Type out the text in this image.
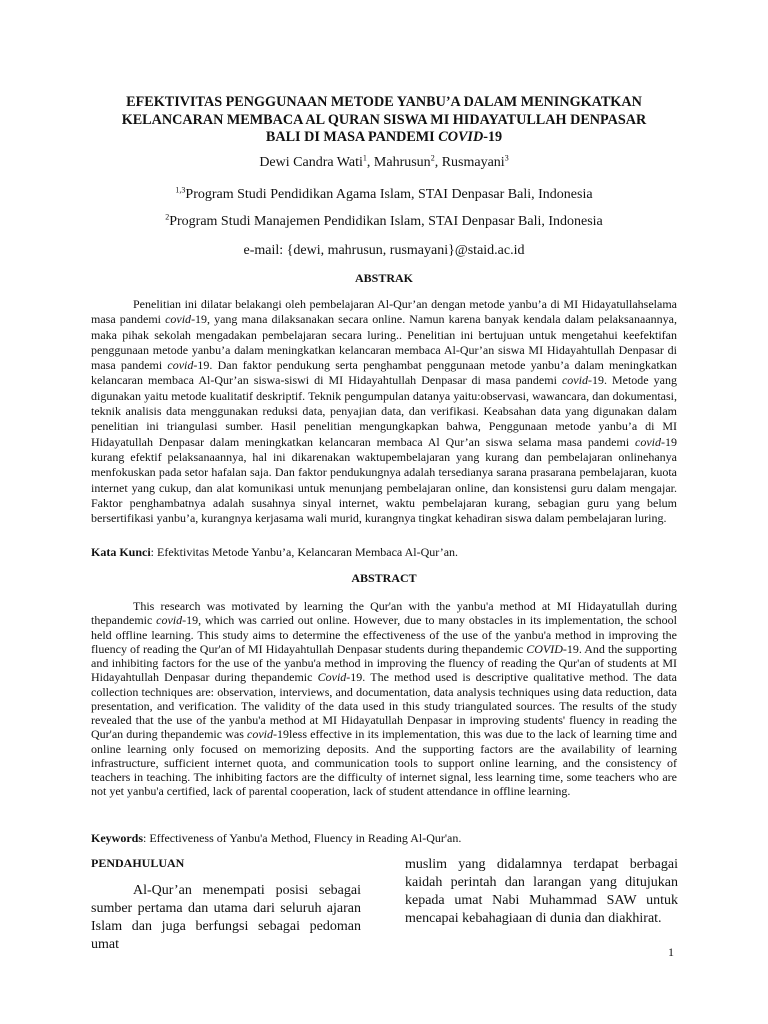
EFEKTIVITAS PENGGUNAAN METODE YANBU’A DALAM MENINGKATKAN
KELANCARAN MEMBACA AL QURAN SISWA MI HIDAYATULLAH DENPASAR
BALI DI MASA PANDEMI COVID-19
Dewi Candra Wati$^1$, Mahrusun$^2$, Rusmayani$^3$
$^{1,3}$Program Studi Pendidikan Agama Islam, STAI Denpasar Bali, Indonesia
$^2$Program Studi Manajemen Pendidikan Islam, STAI Denpasar Bali, Indonesia
e-mail: {dewi, mahrusun, rusmayani}@staid.ac.id
ABSTRAK

Penelitian ini dilatar belakangi oleh pembelajaran Al-Qur’an dengan metode yanbu’a di MI Hidayatullahselama masa pandemi covid-19, yang mana dilaksanakan secara online. Namun karena banyak kendala dalam pelaksanaannya, maka pihak sekolah mengadakan pembelajaran secara luring.. Penelitian ini bertujuan untuk mengetahui keefektifan penggunaan metode yanbu’a dalam meningkatkan kelancaran membaca Al-Qur’an siswa MI Hidayahtullah Denpasar di masa pandemi covid-19. Dan faktor pendukung serta penghambat penggunaan metode yanbu’a dalam meningkatkan kelancaran membaca Al-Qur’an siswa-siswi di MI Hidayahtullah Denpasar di masa pandemi covid-19. Metode yang digunakan yaitu metode kualitatif deskriptif. Teknik pengumpulan datanya yaitu:observasi, wawancara, dan dokumentasi, teknik analisis data menggunakan reduksi data, penyajian data, dan verifikasi. Keabsahan data yang digunakan dalam penelitian ini triangulasi sumber. Hasil penelitian mengungkapkan bahwa, Penggunaan metode yanbu’a di MI Hidayatullah Denpasar dalam meningkatkan kelancaran membaca Al Qur’an siswa selama masa pandemi covid-19 kurang efektif pelaksanaannya, hal ini dikarenakan waktupembelajaran yang kurang dan pembelajaran onlinehanya menfokuskan pada setor hafalan saja. Dan faktor pendukungnya adalah tersedianya sarana prasarana pembelajaran, kuota internet yang cukup, dan alat komunikasi untuk menunjang pembelajaran online, dan konsistensi guru dalam mengajar. Faktor penghambatnya adalah susahnya sinyal internet, waktu pembelajaran kurang, sebagian guru yang belum bersertifikasi yanbu’a, kurangnya kerjasama wali murid, kurangnya tingkat kehadiran siswa dalam pembelajaran luring.

Kata Kunci: Efektivitas Metode Yanbu’a, Kelancaran Membaca Al-Qur’an.
ABSTRACT

This research was motivated by learning the Qur'an with the yanbu'a method at MI Hidayatullah during thepandemic covid-19, which was carried out online. However, due to many obstacles in its implementation, the school held offline learning. This study aims to determine the effectiveness of the use of the yanbu'a method in improving the fluency of reading the Qur'an of MI Hidayahtullah Denpasar students during thepandemic COVID-19. And the supporting and inhibiting factors for the use of the yanbu'a method in improving the fluency of reading the Qur'an of students at MI Hidayahtullah Denpasar during thepandemic Covid-19. The method used is descriptive qualitative method. The data collection techniques are: observation, interviews, and documentation, data analysis techniques using data reduction, data presentation, and verification. The validity of the data used in this study triangulated sources. The results of the study revealed that the use of the yanbu'a method at MI Hidayatullah Denpasar in improving students' fluency in reading the Qur'an during thepandemic was covid-19less effective in its implementation, this was due to the lack of learning time and online learning only focused on memorizing deposits. And the supporting factors are the availability of learning infrastructure, sufficient internet quota, and communication tools to support online learning, and the consistency of teachers in teaching. The inhibiting factors are the difficulty of internet signal, less learning time, some teachers who are not yet yanbu'a certified, lack of parental cooperation, lack of student attendance in offline learning.

Keywords: Effectiveness of Yanbu'a Method, Fluency in Reading Al-Qur'an.
PENDAHULUAN
Al-Qur’an menempati posisi sebagai sumber pertama dan utama dari seluruh ajaran Islam dan juga berfungsi sebagai pedoman umat
muslim yang didalamnya terdapat berbagai kaidah perintah dan larangan yang ditujukan kepada umat Nabi Muhammad SAW untuk mencapai kebahagiaan di dunia dan diakhirat.
1
